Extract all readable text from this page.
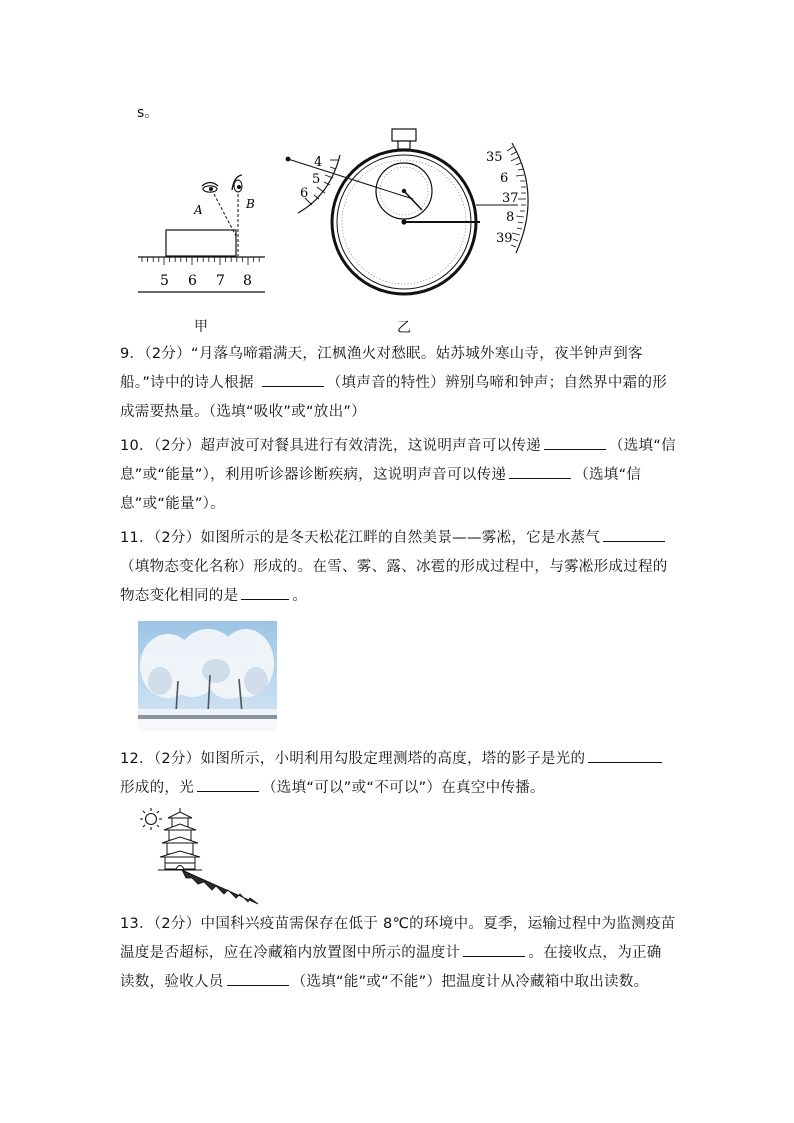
s。
A	B
5 6 7 8
4
5
6
35
6
37
8
39
甲	乙
9．（2分）“月落乌啼霜满天，江枫渔火对愁眠。姑苏城外寒山寺，夜半钟声到客船。”诗中的诗人根据	（填声音的特性）辨别乌啼和钟声；自然界中霜的形成需要热量。（选填“吸收”或“放出”）
10．（2分）超声波可对餐具进行有效清洗，这说明声音可以传递	（选填“信息”或“能量”），利用听诊器诊断疾病，这说明声音可以传递	（选填“信息”或“能量”）。
11．（2分）如图所示的是冬天松花江畔的自然美景——雾凇，它是水蒸气（填物态变化名称）形成的。在雪、雾、露、冰雹的形成过程中，与雾凇形成过程的物态变化相同的是	。
12．（2分）如图所示，小明利用勾股定理测塔的高度，塔的影子是光的形成的，光	（选填“可以”或“不可以”）在真空中传播。
13．（2分）中国科兴疫苗需保存在低于 8℃的环境中。夏季，运输过程中为监测疫苗温度是否超标，应在冷藏箱内放置图中所示的温度计	。在接收点，为正确读数，验收人员	（选填“能”或“不能”）把温度计从冷藏箱中取出读数。
